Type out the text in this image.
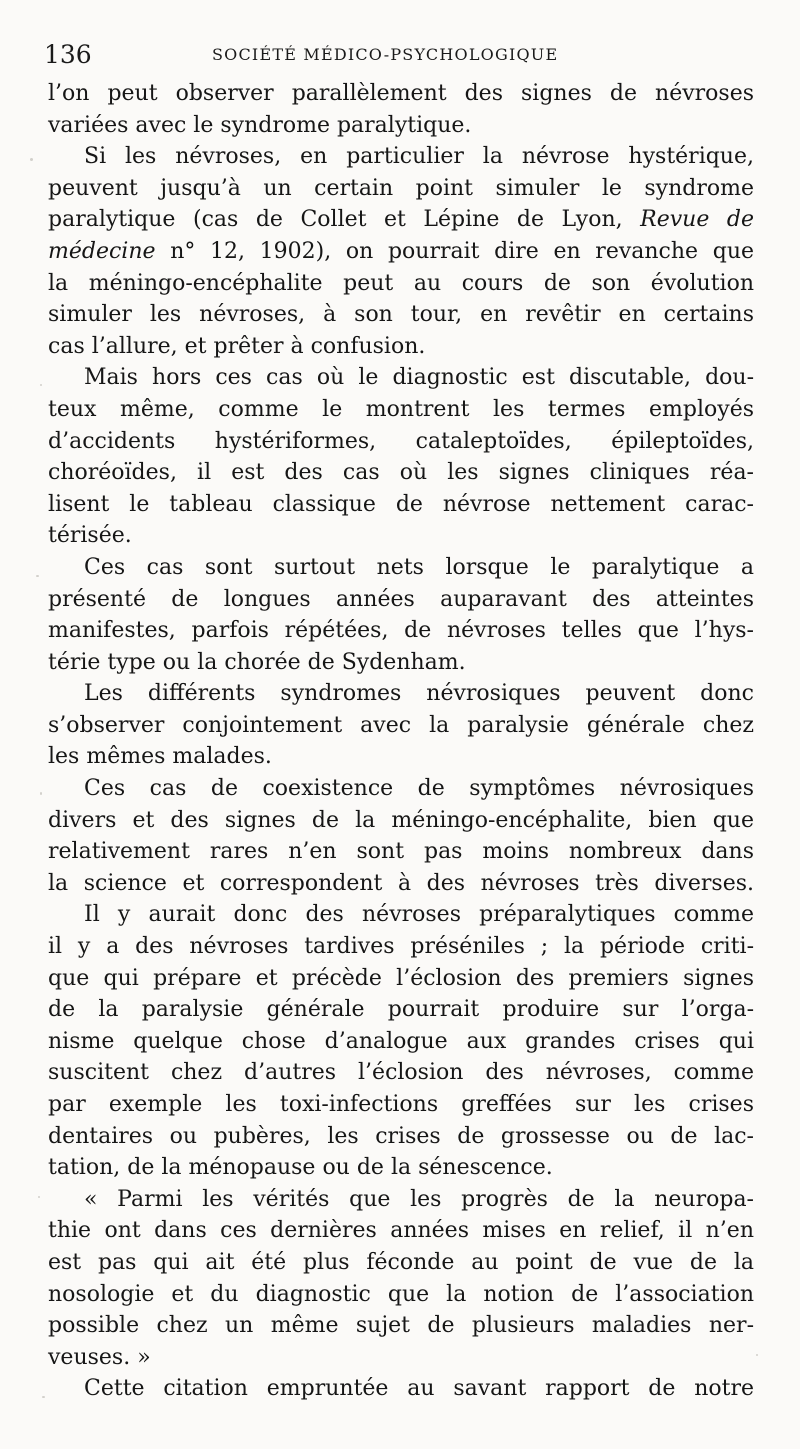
136	SOCIÉTÉ MÉDICO-PSYCHOLOGIQUE
l’on peut observer parallèlement des signes de névroses
variées avec le syndrome paralytique.
Si les névroses, en particulier la névrose hystérique,
peuvent jusqu’à un certain point simuler le syndrome
paralytique (cas de Collet et Lépine de Lyon, Revue de
médecine n° 12, 1902), on pourrait dire en revanche que
la méningo-encéphalite peut au cours de son évolution
simuler les névroses, à son tour, en revêtir en certains
cas l’allure, et prêter à confusion.
Mais hors ces cas où le diagnostic est discutable, dou-
teux même, comme le montrent les termes employés
d’accidents hystériformes, cataleptoïdes, épileptoïdes,
choréoïdes, il est des cas où les signes cliniques réa-
lisent le tableau classique de névrose nettement carac-
térisée.
Ces cas sont surtout nets lorsque le paralytique a
présenté de longues années auparavant des atteintes
manifestes, parfois répétées, de névroses telles que l’hys-
térie type ou la chorée de Sydenham.
Les différents syndromes névrosiques peuvent donc
s’observer conjointement avec la paralysie générale chez
les mêmes malades.
Ces cas de coexistence de symptômes névrosiques
divers et des signes de la méningo-encéphalite, bien que
relativement rares n’en sont pas moins nombreux dans
la science et correspondent à des névroses très diverses.
Il y aurait donc des névroses préparalytiques comme
il y a des névroses tardives préséniles ; la période criti-
que qui prépare et précède l’éclosion des premiers signes
de la paralysie générale pourrait produire sur l’orga-
nisme quelque chose d’analogue aux grandes crises qui
suscitent chez d’autres l’éclosion des névroses, comme
par exemple les toxi-infections greffées sur les crises
dentaires ou pubères, les crises de grossesse ou de lac-
tation, de la ménopause ou de la sénescence.
« Parmi les vérités que les progrès de la neuropa-
thie ont dans ces dernières années mises en relief, il n’en
est pas qui ait été plus féconde au point de vue de la
nosologie et du diagnostic que la notion de l’association
possible chez un même sujet de plusieurs maladies ner-
veuses. »
Cette citation empruntée au savant rapport de notre
